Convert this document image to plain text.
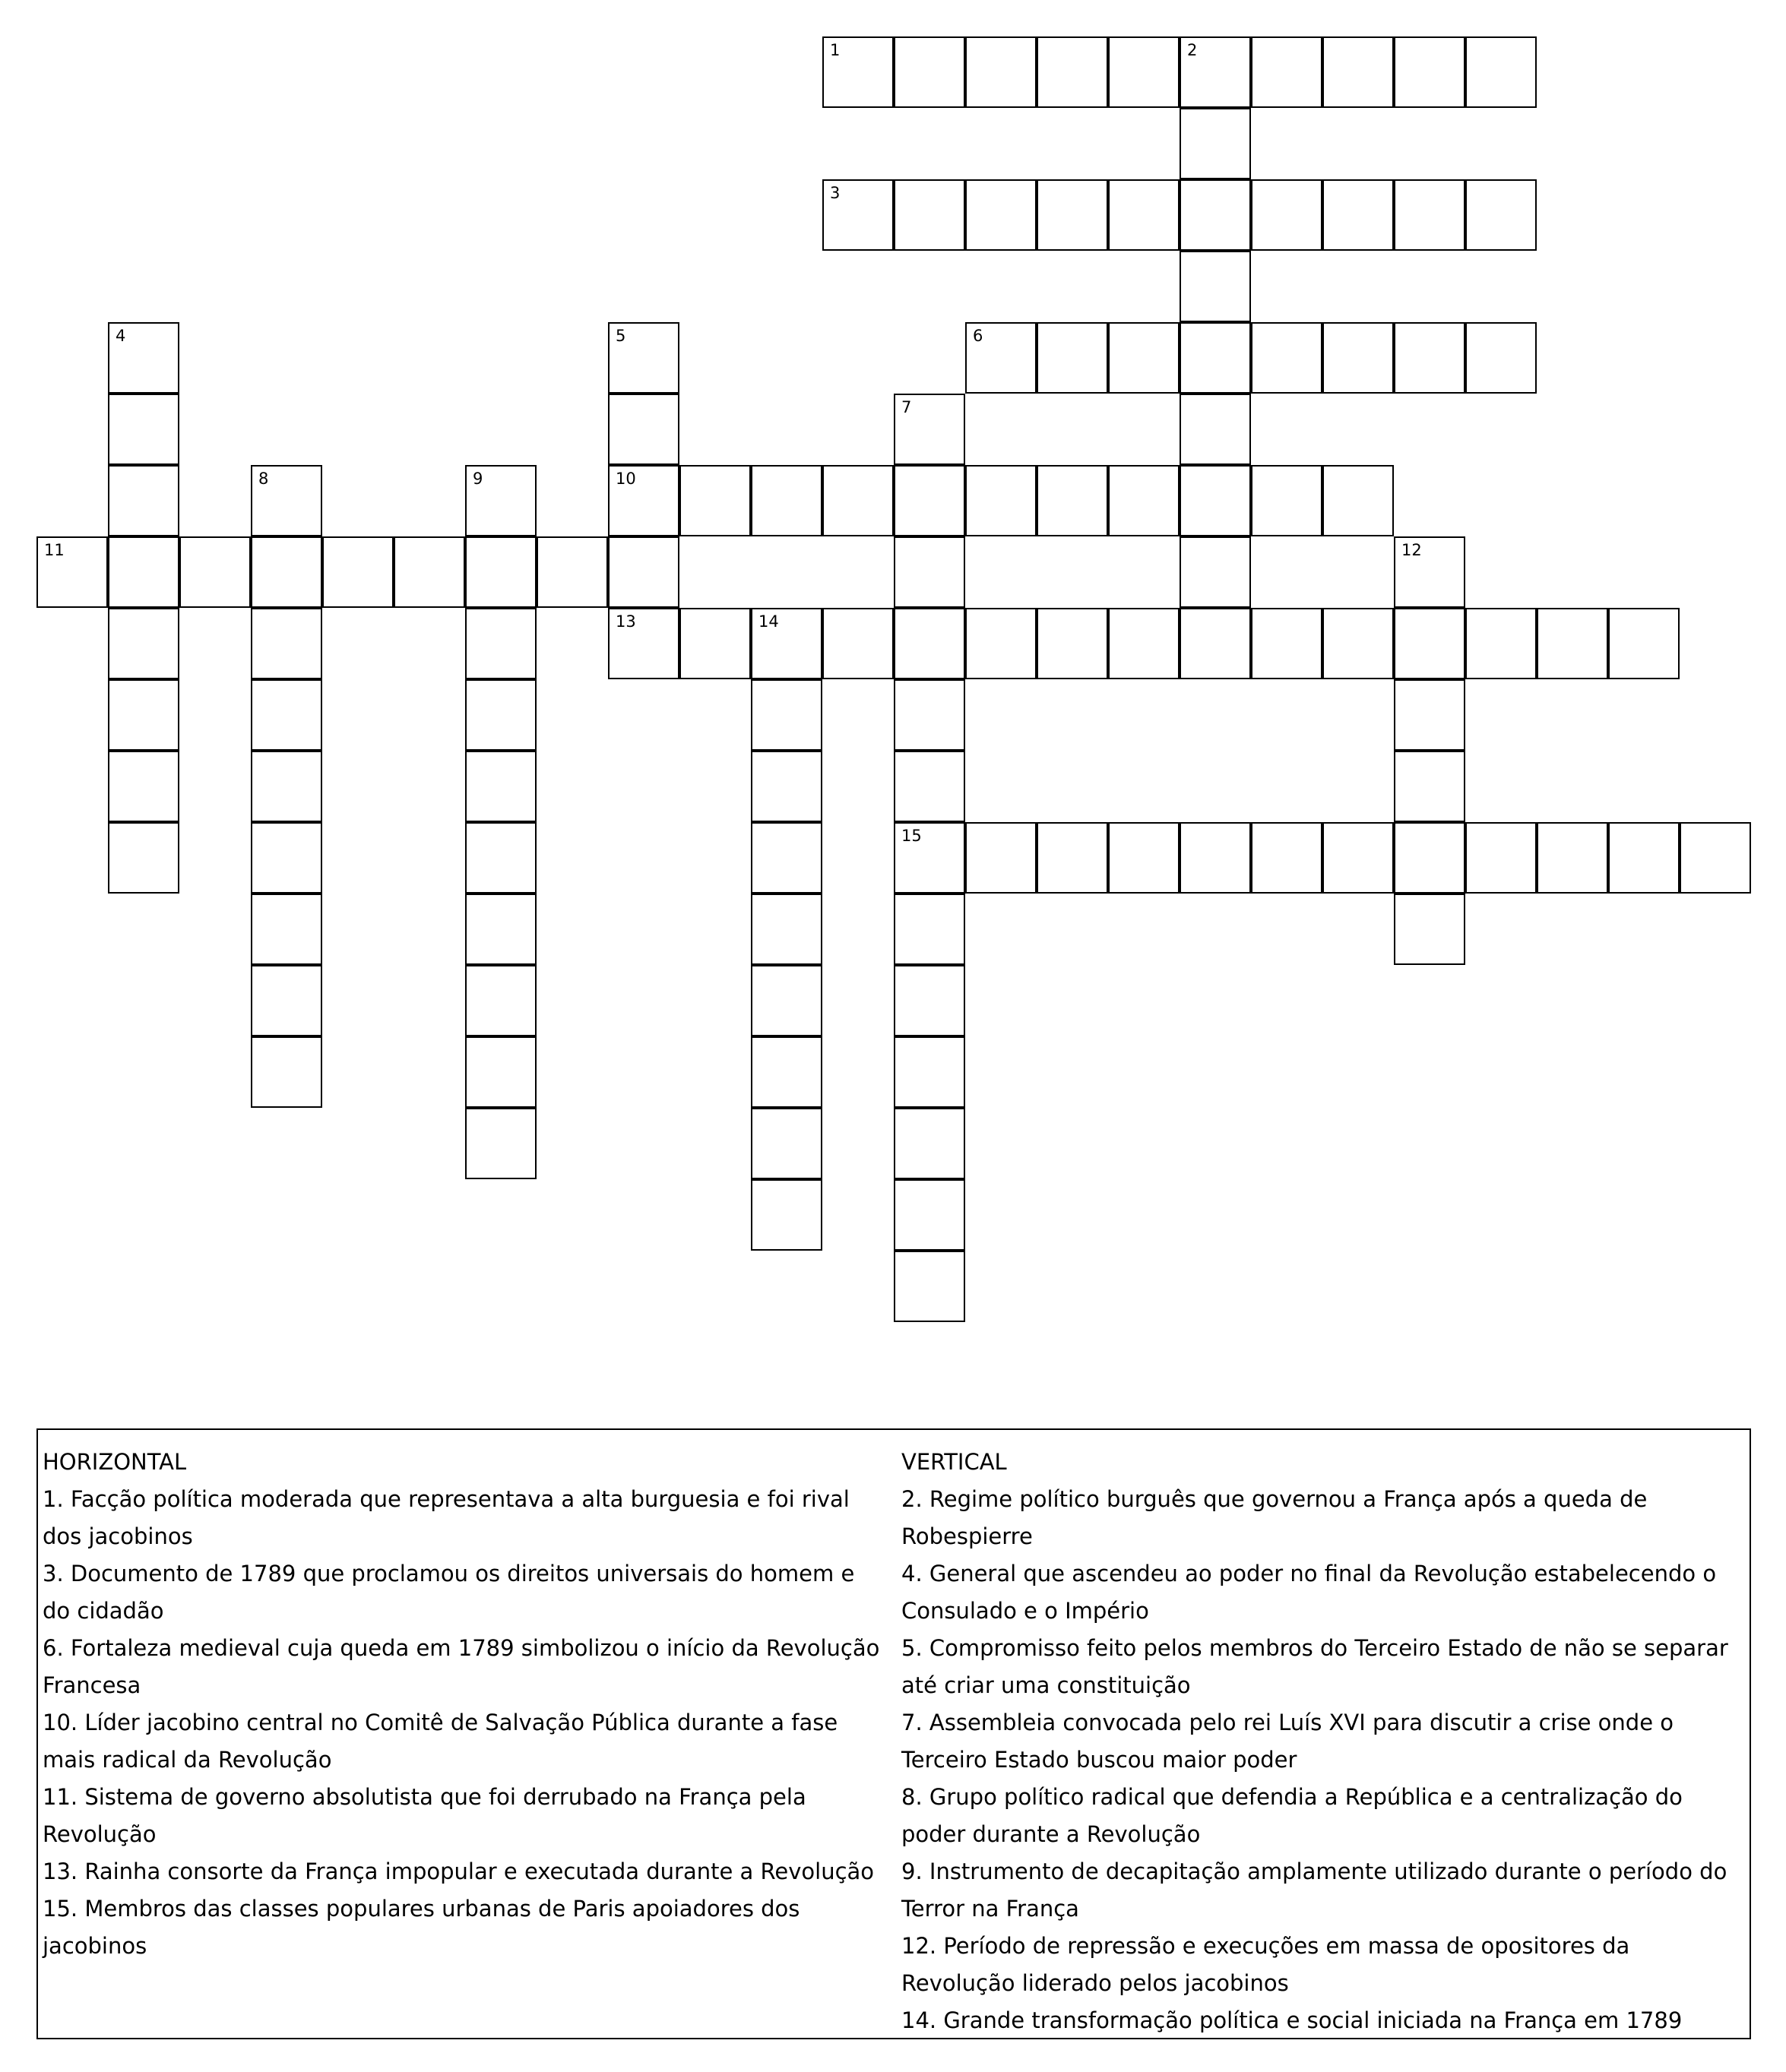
1	2
3
4	5
10
6
7
15
8	9
11	12
13	14

HORIZONTAL

1. Facção política moderada que representava a alta burguesia e foi rival dos jacobinos

3. Documento de 1789 que proclamou os direitos universais do homem e do cidadão

6. Fortaleza medieval cuja queda em 1789 simbolizou o início da Revolução Francesa

10. Líder jacobino central no Comitê de Salvação Pública durante a fase mais radical da Revolução

11. Sistema de governo absolutista que foi derrubado na França pela Revolução

13. Rainha consorte da França impopular e executada durante a Revolução

15. Membros das classes populares urbanas de Paris apoiadores dos jacobinos

VERTICAL

2. Regime político burguês que governou a França após a queda de Robespierre

4. General que ascendeu ao poder no final da Revolução estabelecendo o Consulado e o Império

5. Compromisso feito pelos membros do Terceiro Estado de não se separar até criar uma constituição

7. Assembleia convocada pelo rei Luís XVI para discutir a crise onde o Terceiro Estado buscou maior poder

8. Grupo político radical que defendia a República e a centralização do poder durante a Revolução

9. Instrumento de decapitação amplamente utilizado durante o período do Terror na França

12. Período de repressão e execuções em massa de opositores da Revolução liderado pelos jacobinos

14. Grande transformação política e social iniciada na França em 1789
